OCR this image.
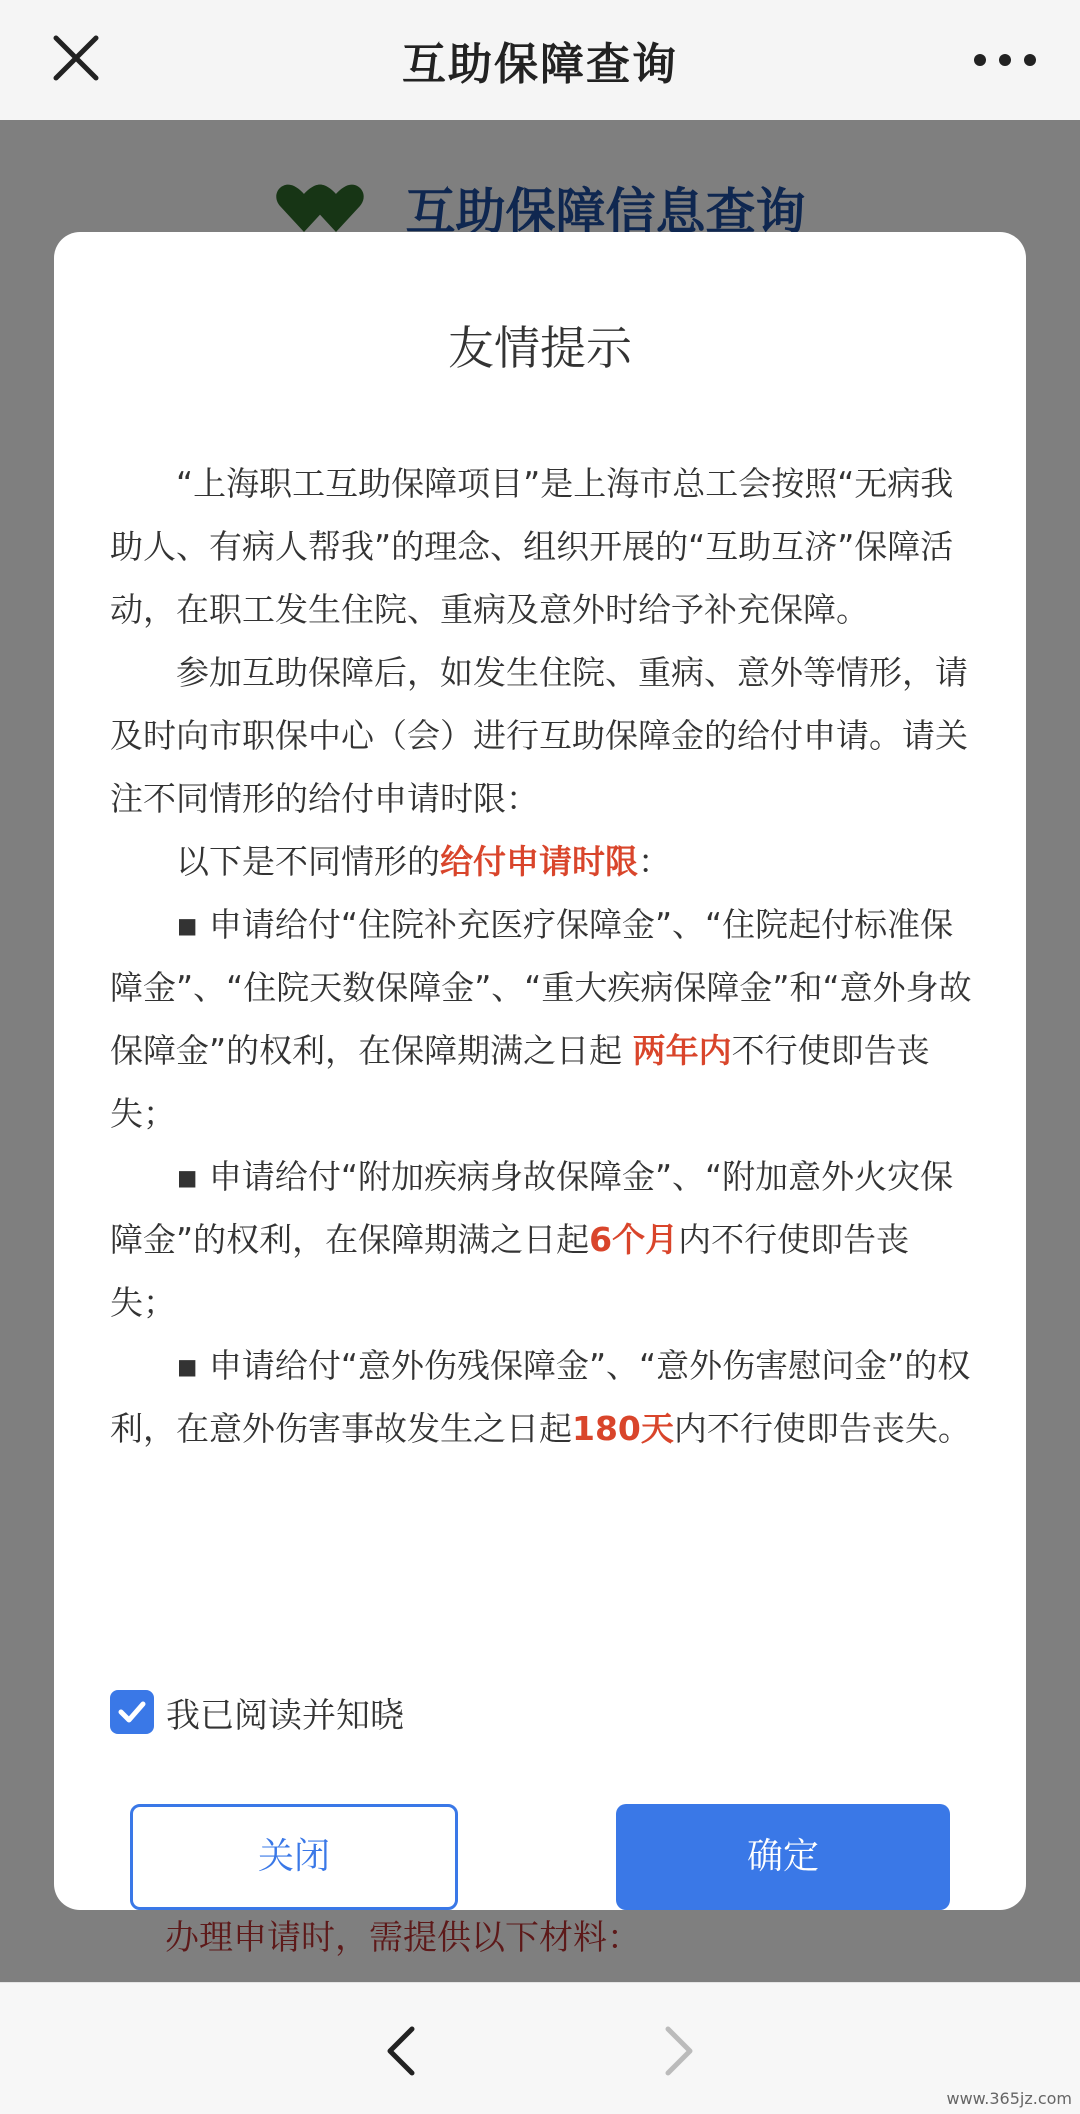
互助保障查询

友情提示

“上海职工互助保障项目”是上海市总工会按照“无病我助人、有病人帮我”的理念、组织开展的“互助互济”保障活动，在职工发生住院、重病及意外时给予补充保障。

参加互助保障后，如发生住院、重病、意外等情形，请及时向市职保中心（会）进行互助保障金的给付申请。请关注不同情形的给付申请时限：

以下是不同情形的给付申请时限：

▪ 申请给付“住院补充医疗保障金”、“住院起付标准保障金”、“住院天数保障金”、“重大疾病保障金”和“意外身故保障金”的权利，在保障期满之日起 两年内不行使即告丧失；

▪ 申请给付“附加疾病身故保障金”、“附加意外火灾保障金”的权利，在保障期满之日起6个月内不行使即告丧失；

▪ 申请给付“意外伤残保障金”、“意外伤害慰问金”的权利，在意外伤害事故发生之日起180天内不行使即告丧失。

我已阅读并知晓
关闭	确定
www.365jz.com
